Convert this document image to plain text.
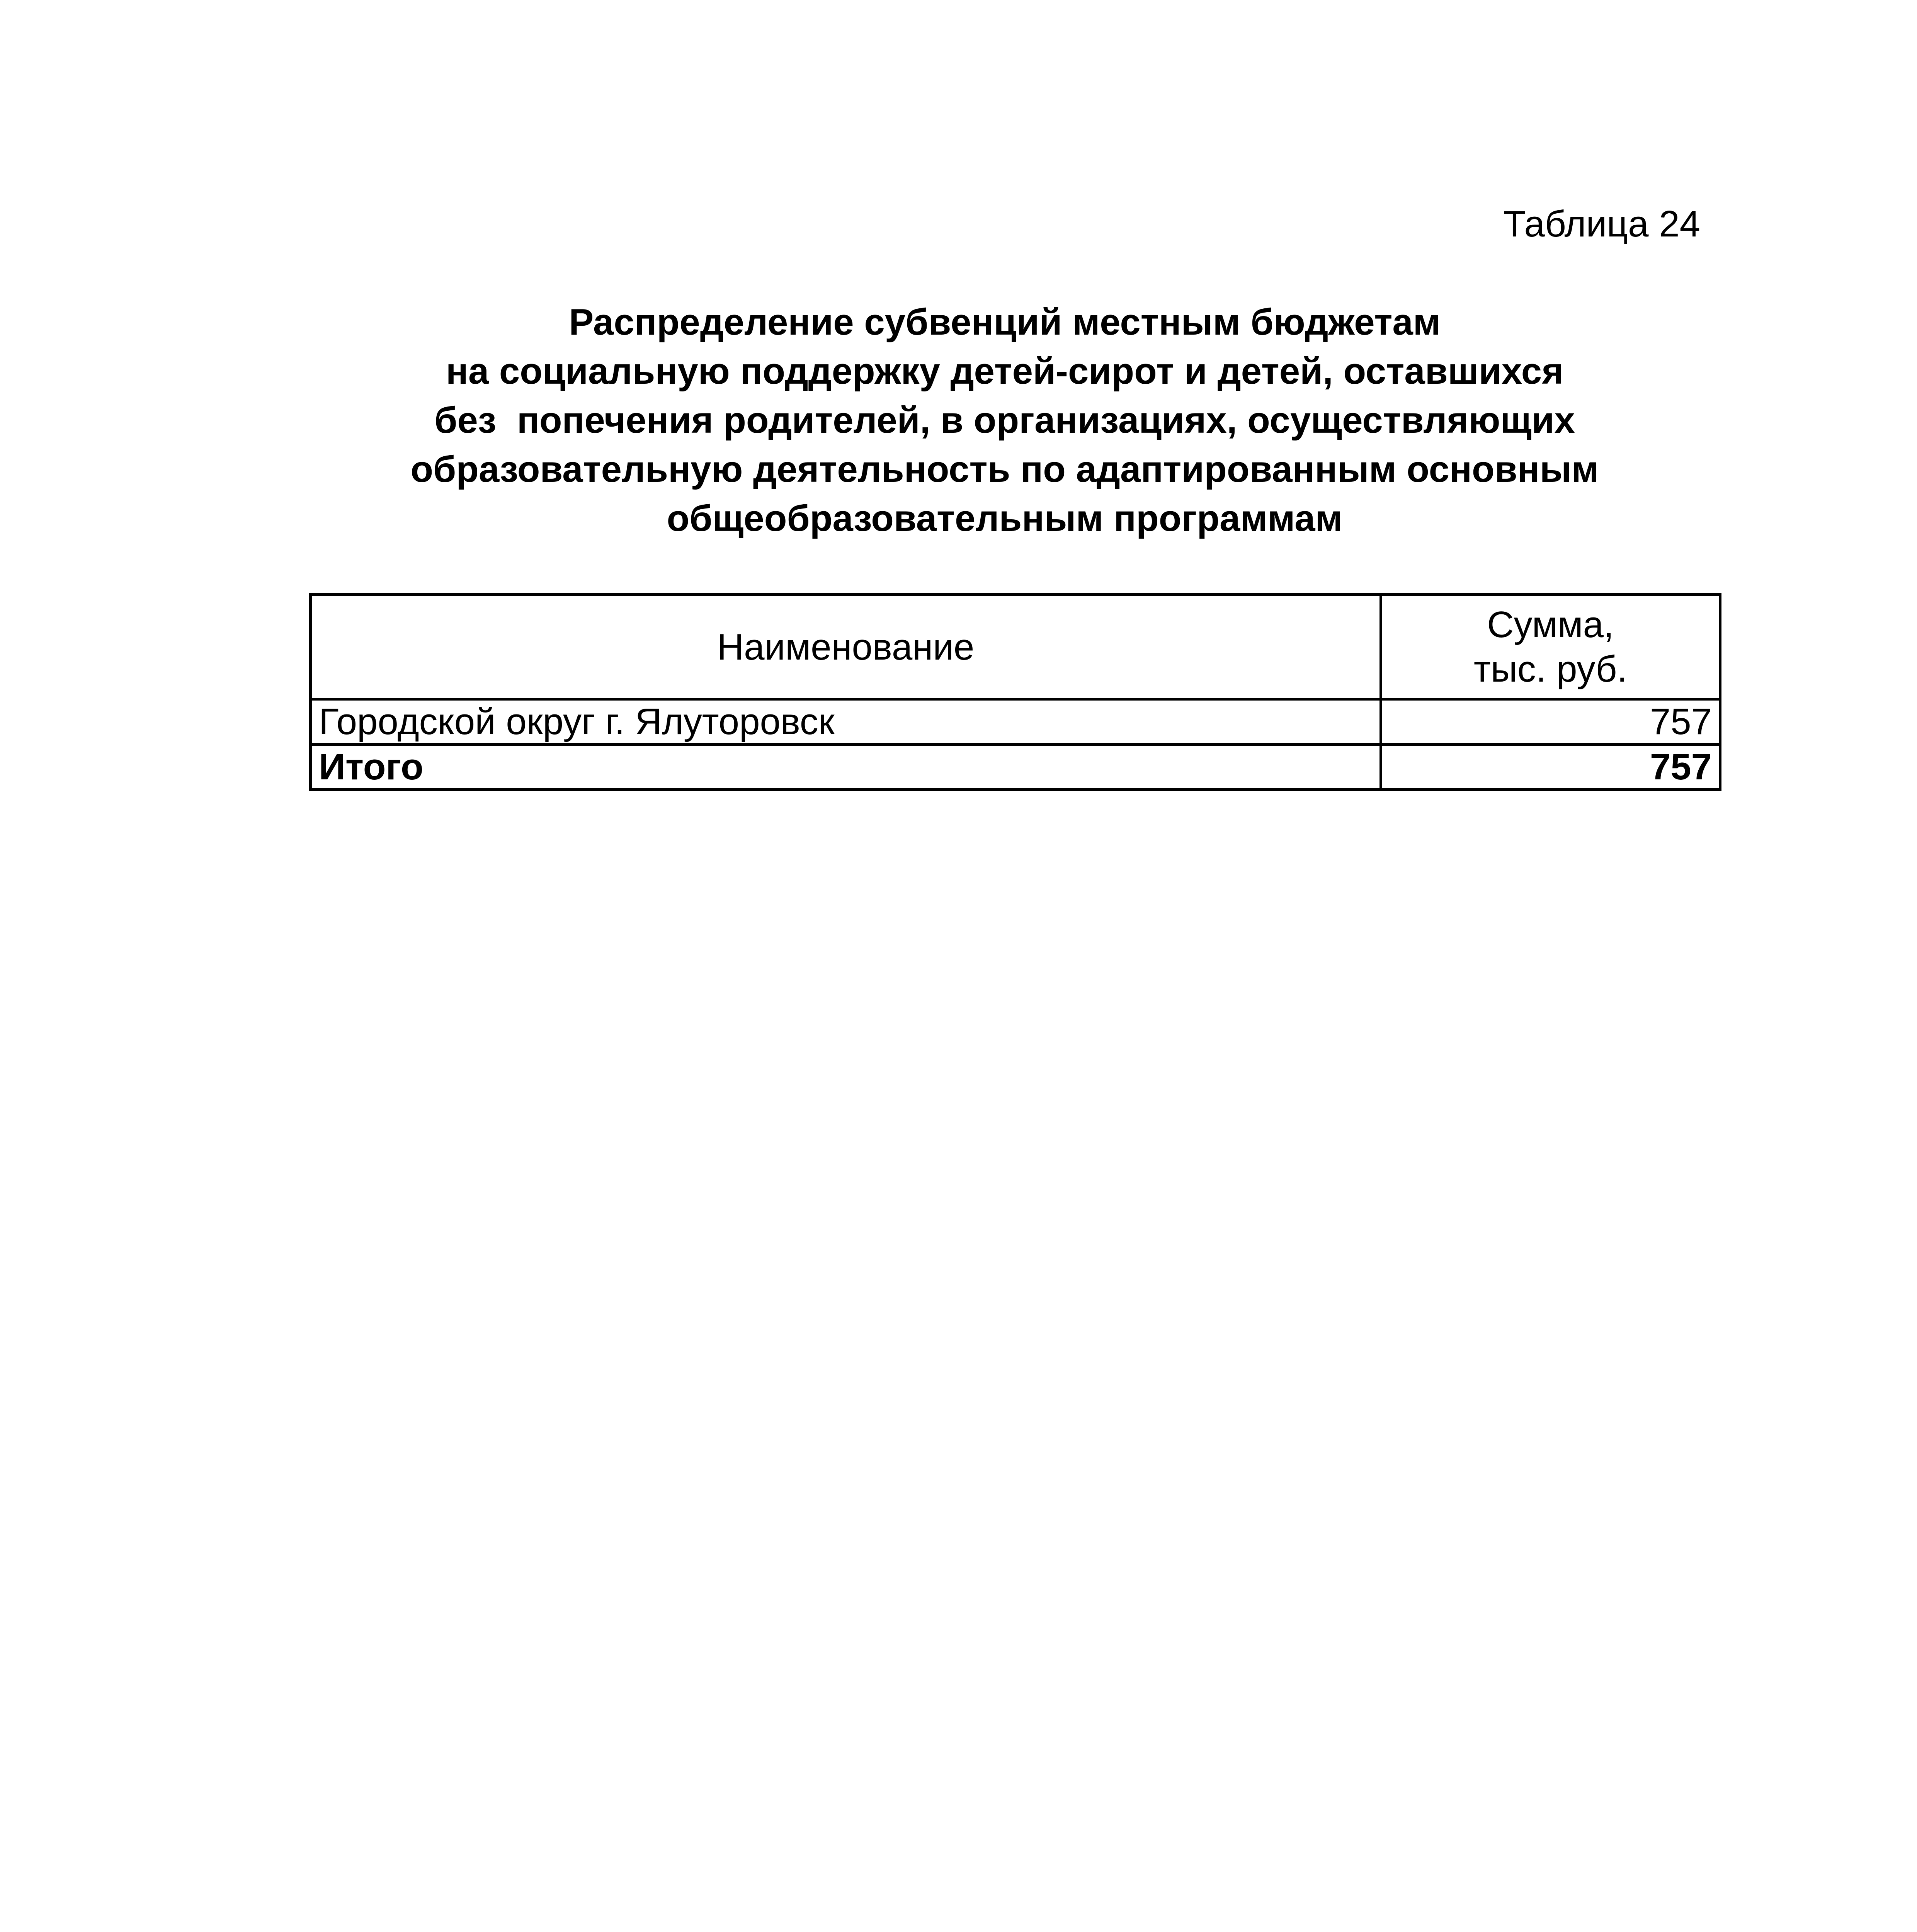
Таблица 24
Распределение субвенций местным бюджетам
на социальную поддержку детей-сирот и детей, оставшихся
без  попечения родителей, в организациях, осуществляющих
образовательную деятельность по адаптированным основным
общеобразовательным программам
Наименование	Сумма,
тыс. руб.

Городской округ г. Ялуторовск	757
Итого	757
